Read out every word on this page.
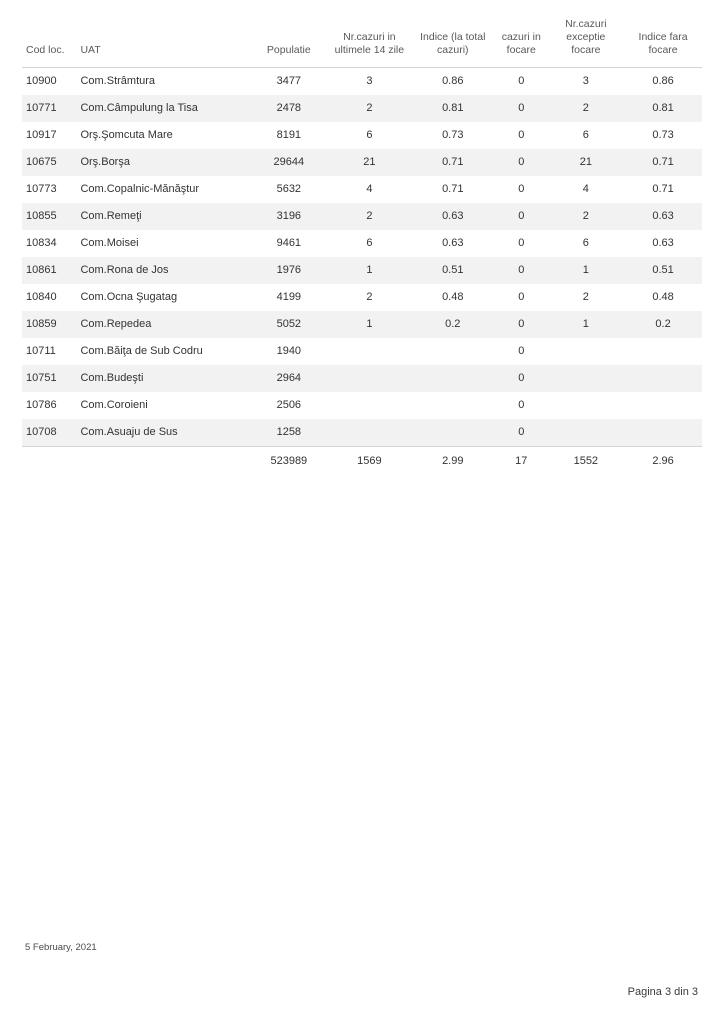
Cod loc.	UAT	Populatie	Nr.cazuri in ultimele 14 zile	Indice (la total cazuri)	cazuri in focare	Nr.cazuri exceptie focare	Indice fara focare
10900	Com.Strâmtura	3477	3	0.86	0	3	0.86
10771	Com.Câmpulung la Tisa	2478	2	0.81	0	2	0.81
10917	Orş.Şomcuta Mare	8191	6	0.73	0	6	0.73
10675	Orş.Borşa	29644	21	0.71	0	21	0.71
10773	Com.Copalnic-Mănăştur	5632	4	0.71	0	4	0.71
10855	Com.Remeţi	3196	2	0.63	0	2	0.63
10834	Com.Moisei	9461	6	0.63	0	6	0.63
10861	Com.Rona de Jos	1976	1	0.51	0	1	0.51
10840	Com.Ocna Şugatag	4199	2	0.48	0	2	0.48
10859	Com.Repedea	5052	1	0.2	0	1	0.2
10711	Com.Băiţa de Sub Codru	1940			0		
10751	Com.Budeşti	2964			0		
10786	Com.Coroieni	2506			0		
10708	Com.Asuaju de Sus	1258			0		
		523989	1569	2.99	17	1552	2.96
5 February, 2021
Pagina 3 din 3
